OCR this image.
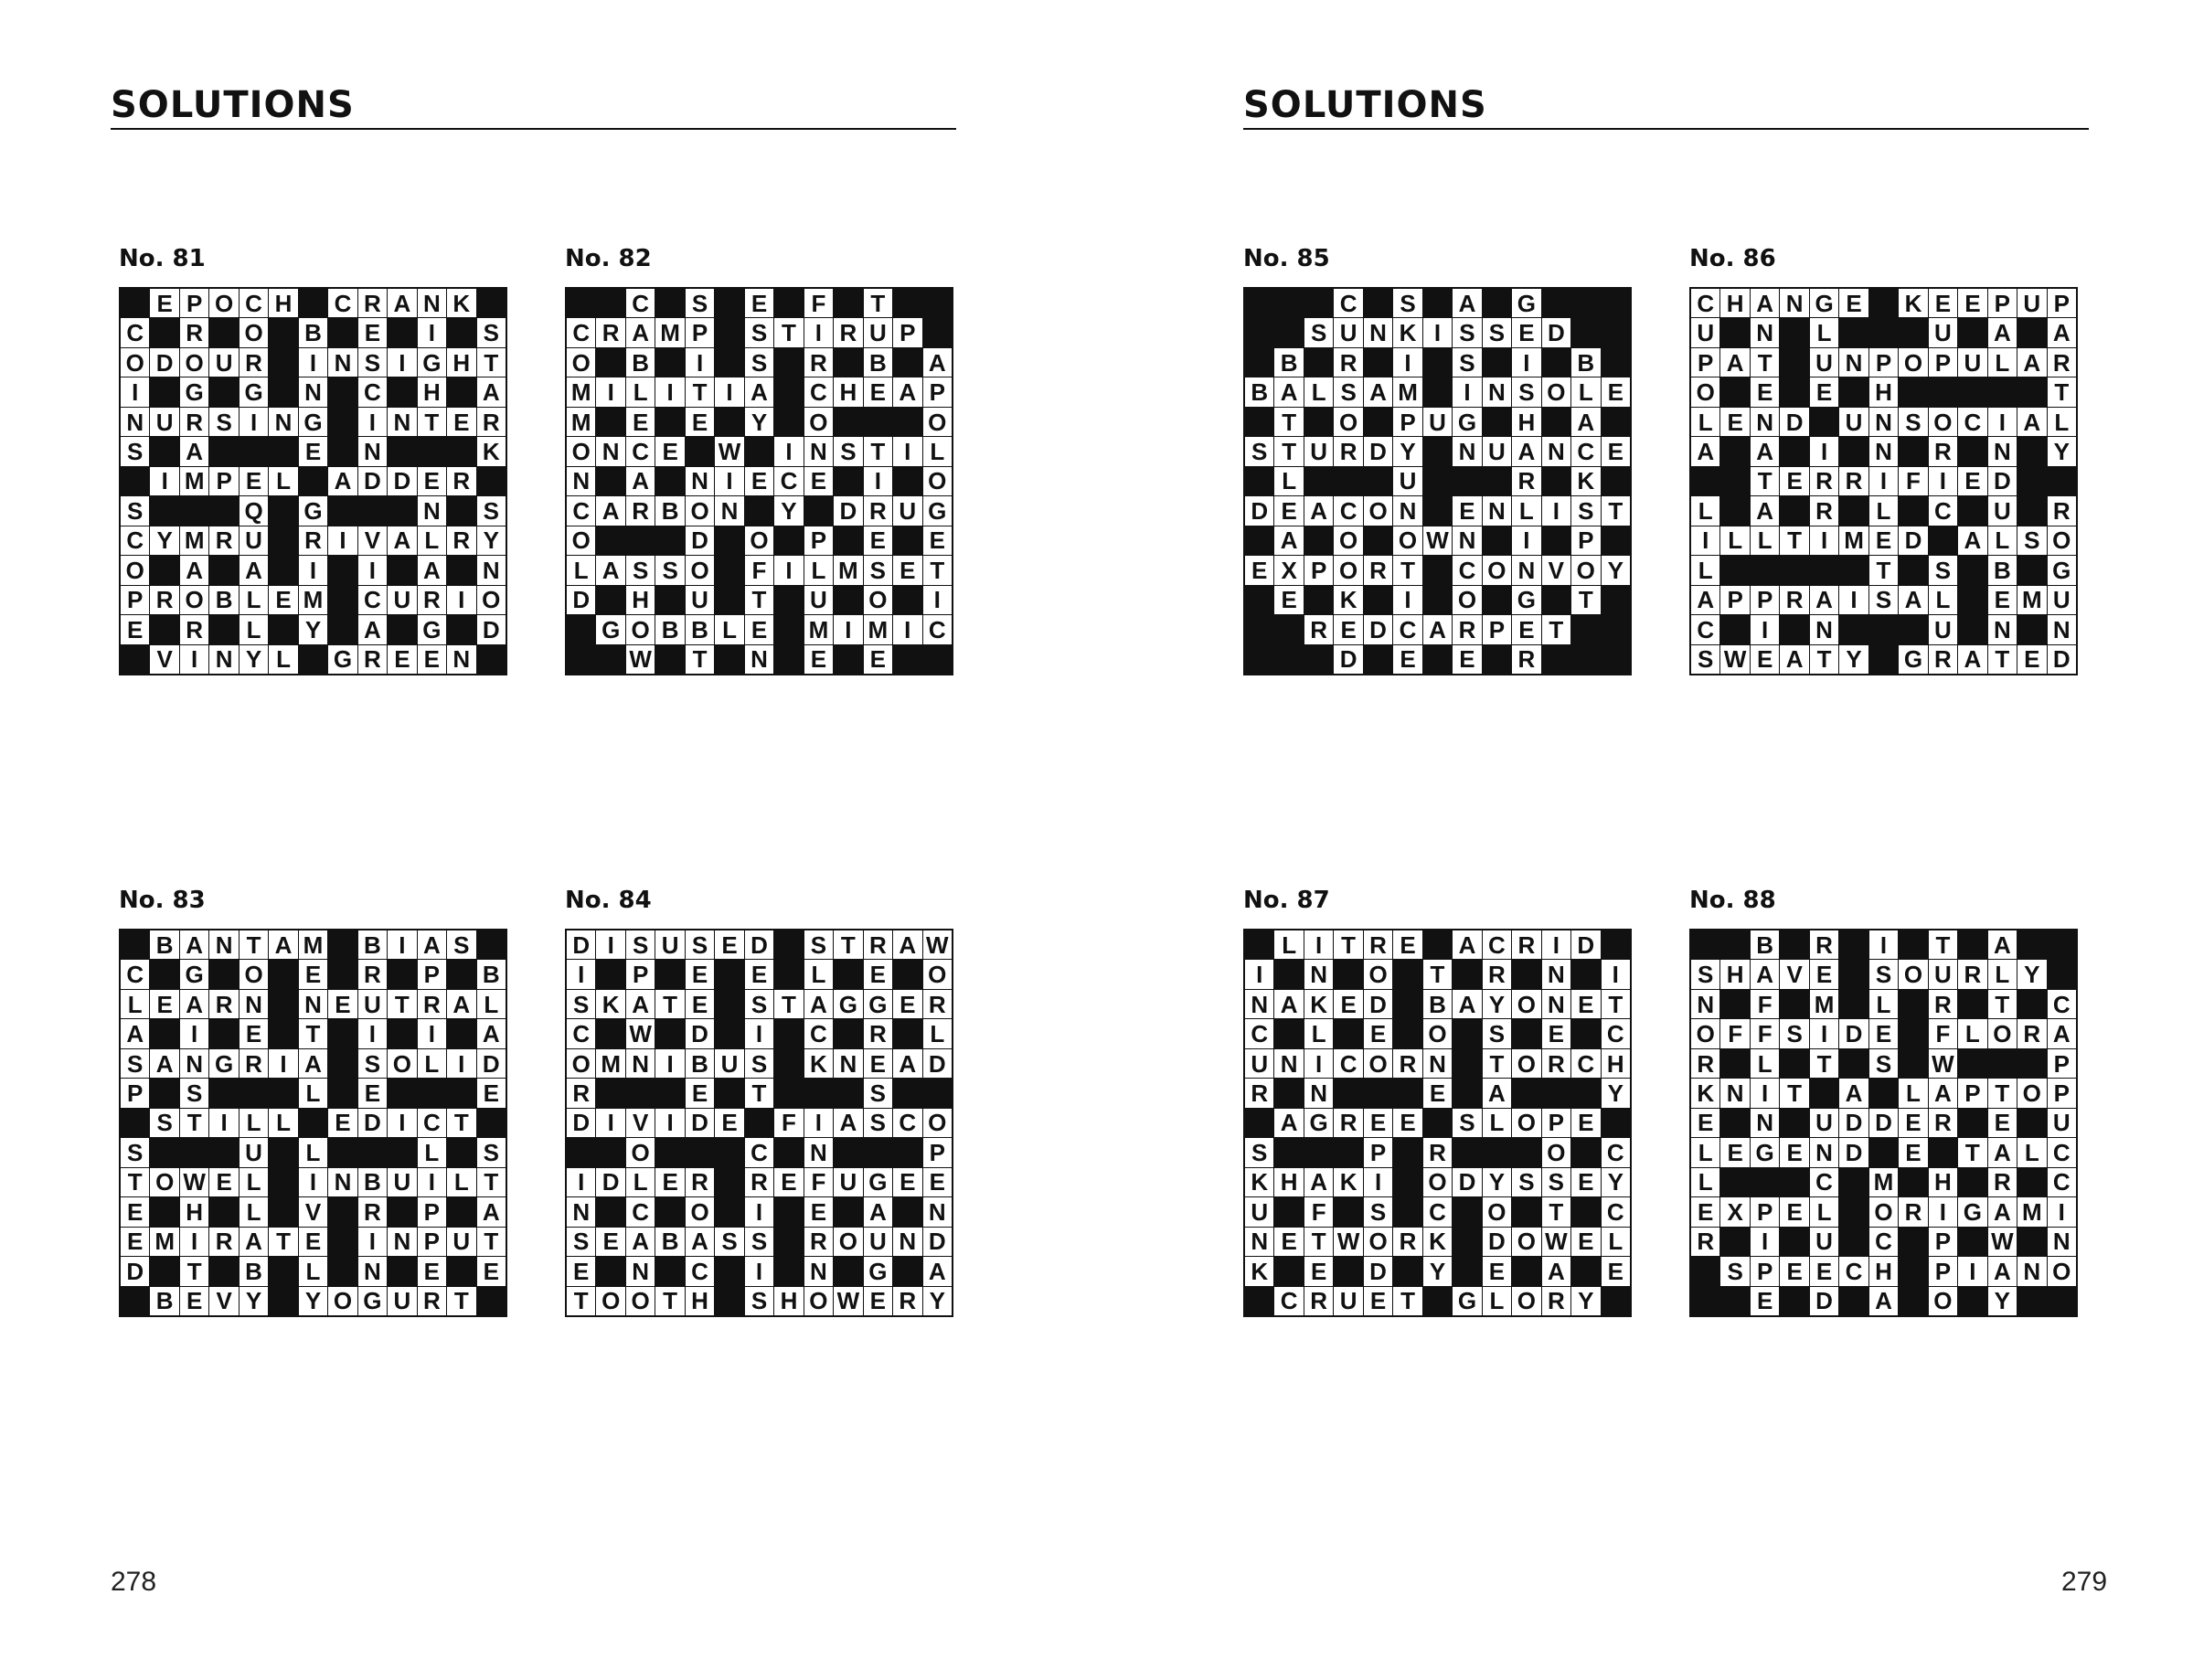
SOLUTIONS
No. 81
E P O C H C R A N K
C R O B E	I	S
O D O U R	I N S I G H T
I	G G N C H A
N U R S I N G	I N T E R
S A	E N	K
I M P E L A D D E R
S	Q G	N S
C Y M R U R I V A L R Y
O A A	I	I	A N
P R O B L E M C U R I O
E R L Y A G D
V I N Y L G R E E N
No. 82
C S E F T
C R A M P S T I R U P
O B	I	S R B A
M I L I T I A C H E A P
M E E Y O	O
O N C E W	I N S T I L
N A N I E C E	I	O
C A R B O N Y D R U G
O	D O P E E
L A S S O F I L M S E T
D H U T U O	I
G O B B L E M I M I C
W T N E E
No. 83
B A N T A M B I A S
C G O E R P B
L E A R N N E U T R A L
A	I	E T	I	I	A
S A N G R I A S O L I D
P S	L E	E
S T I L L E D I C T
S	U L	L S
T O W E L	I N B U I L T
E H L V R P A
E M I R A T E	I N P U T
D T B L N E E
B E V Y Y O G U R T
No. 84
D I S U S E D S T R A W
I	P E E L E O
S K A T E S T A G G E R
C W D	I	C R L
O M N I B U S K N E A D
R	E T	S
D I V I D E F I A S C O
O	C N	P
I D L E R R E F U G E E
N C O	I	E A N
S E A B A S S R O U N D
E N C	I	N G A
T O O T H S H O W E R Y
278
SOLUTIONS
No. 85
C S A G
S U N K I S S E D
B R	I	S	I	B
B A L S A M	I N S O L E
T O P U G H A
S T U R D Y N U A N C E
L	U	R K
D E A C O N E N L I S T
A O O W N	I	P
E X P O R T C O N V O Y
E K	I	O G T
R E D C A R P E T
D E E R
No. 86
C H A N G E K E E P U P
U N L	U A A
P A T U N P O P U L A R
O E E H	T
L E N D U N S O C I A L
A A	I	N R N Y
T E R R I F I E D
L A R L C U R
I L L T I M E D A L S O
L	T S B G
A P P R A I S A L E M U
C	I	N	U N N
S W E A T Y G R A T E D
No. 87
L I T R E A C R I D
I	N O T R N	I
N A K E D B A Y O N E T
C L E O S E C
U N I C O R N T O R C H
R N	E A	Y
A G R E E S L O P E
S	P R	O C
K H A K I	O D Y S S E Y
U F S C O T C
N E T W O R K D O W E L
K E D Y E A E
C R U E T G L O R Y
No. 88
B R	I	T A
S H A V E S O U R L Y
N F M L R T C
O F F S I D E F L O R A
R L T S W	P
K N I T A L A P T O P
E N U D D E R E U
L E G E N D E T A L C
L	C M H R C
E X P E L O R I G A M I
R	I	U C P W N
S P E E C H P I A N O
E D A O Y
279
